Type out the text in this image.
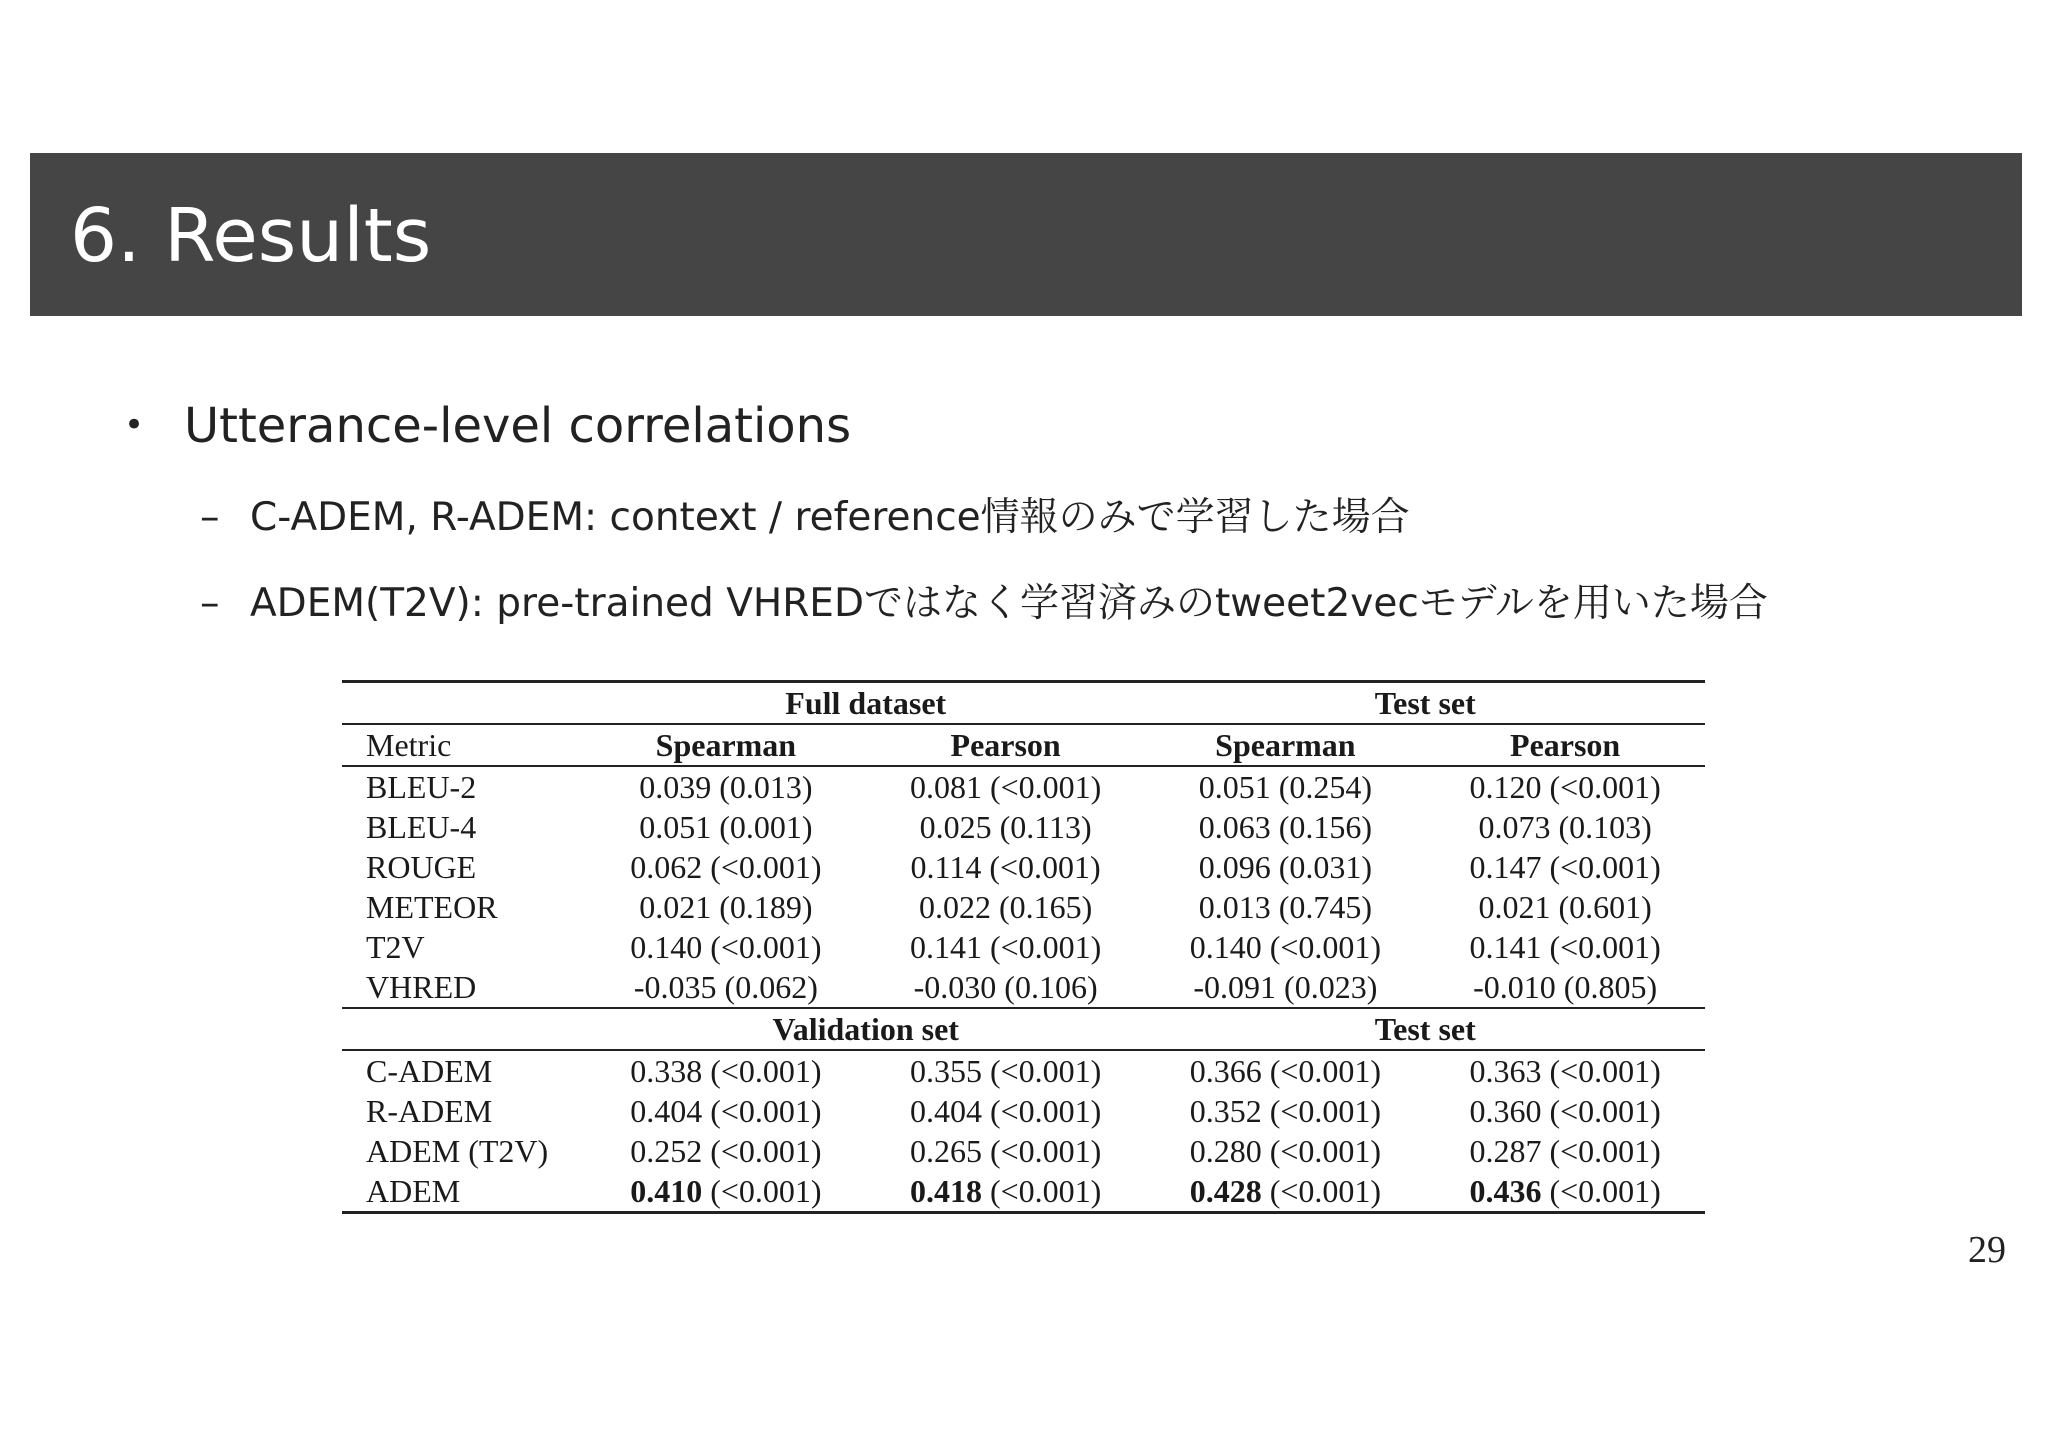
6. Results
• Utterance-level correlations
– C-ADEM, R-ADEM: context / reference情報のみで学習した場合
– ADEM(T2V): pre-trained VHREDではなく学習済みのtweet2vecモデルを用いた場合
	Full dataset		Test set	
Metric	Spearman	Pearson	Spearman	Pearson
BLEU-2	0.039 (0.013)	0.081 (<0.001)	0.051 (0.254)	0.120 (<0.001)
BLEU-4	0.051 (0.001)	0.025 (0.113)	0.063 (0.156)	0.073 (0.103)
ROUGE	0.062 (<0.001)	0.114 (<0.001)	0.096 (0.031)	0.147 (<0.001)
METEOR	0.021 (0.189)	0.022 (0.165)	0.013 (0.745)	0.021 (0.601)
T2V	0.140 (<0.001)	0.141 (<0.001)	0.140 (<0.001)	0.141 (<0.001)
VHRED	-0.035 (0.062)	-0.030 (0.106)	-0.091 (0.023)	-0.010 (0.805)
	Validation set		Test set	
C-ADEM	0.338 (<0.001)	0.355 (<0.001)	0.366 (<0.001)	0.363 (<0.001)
R-ADEM	0.404 (<0.001)	0.404 (<0.001)	0.352 (<0.001)	0.360 (<0.001)
ADEM (T2V)	0.252 (<0.001)	0.265 (<0.001)	0.280 (<0.001)	0.287 (<0.001)
ADEM	0.410 (<0.001)	0.418 (<0.001)	0.428 (<0.001)	0.436 (<0.001)
29
